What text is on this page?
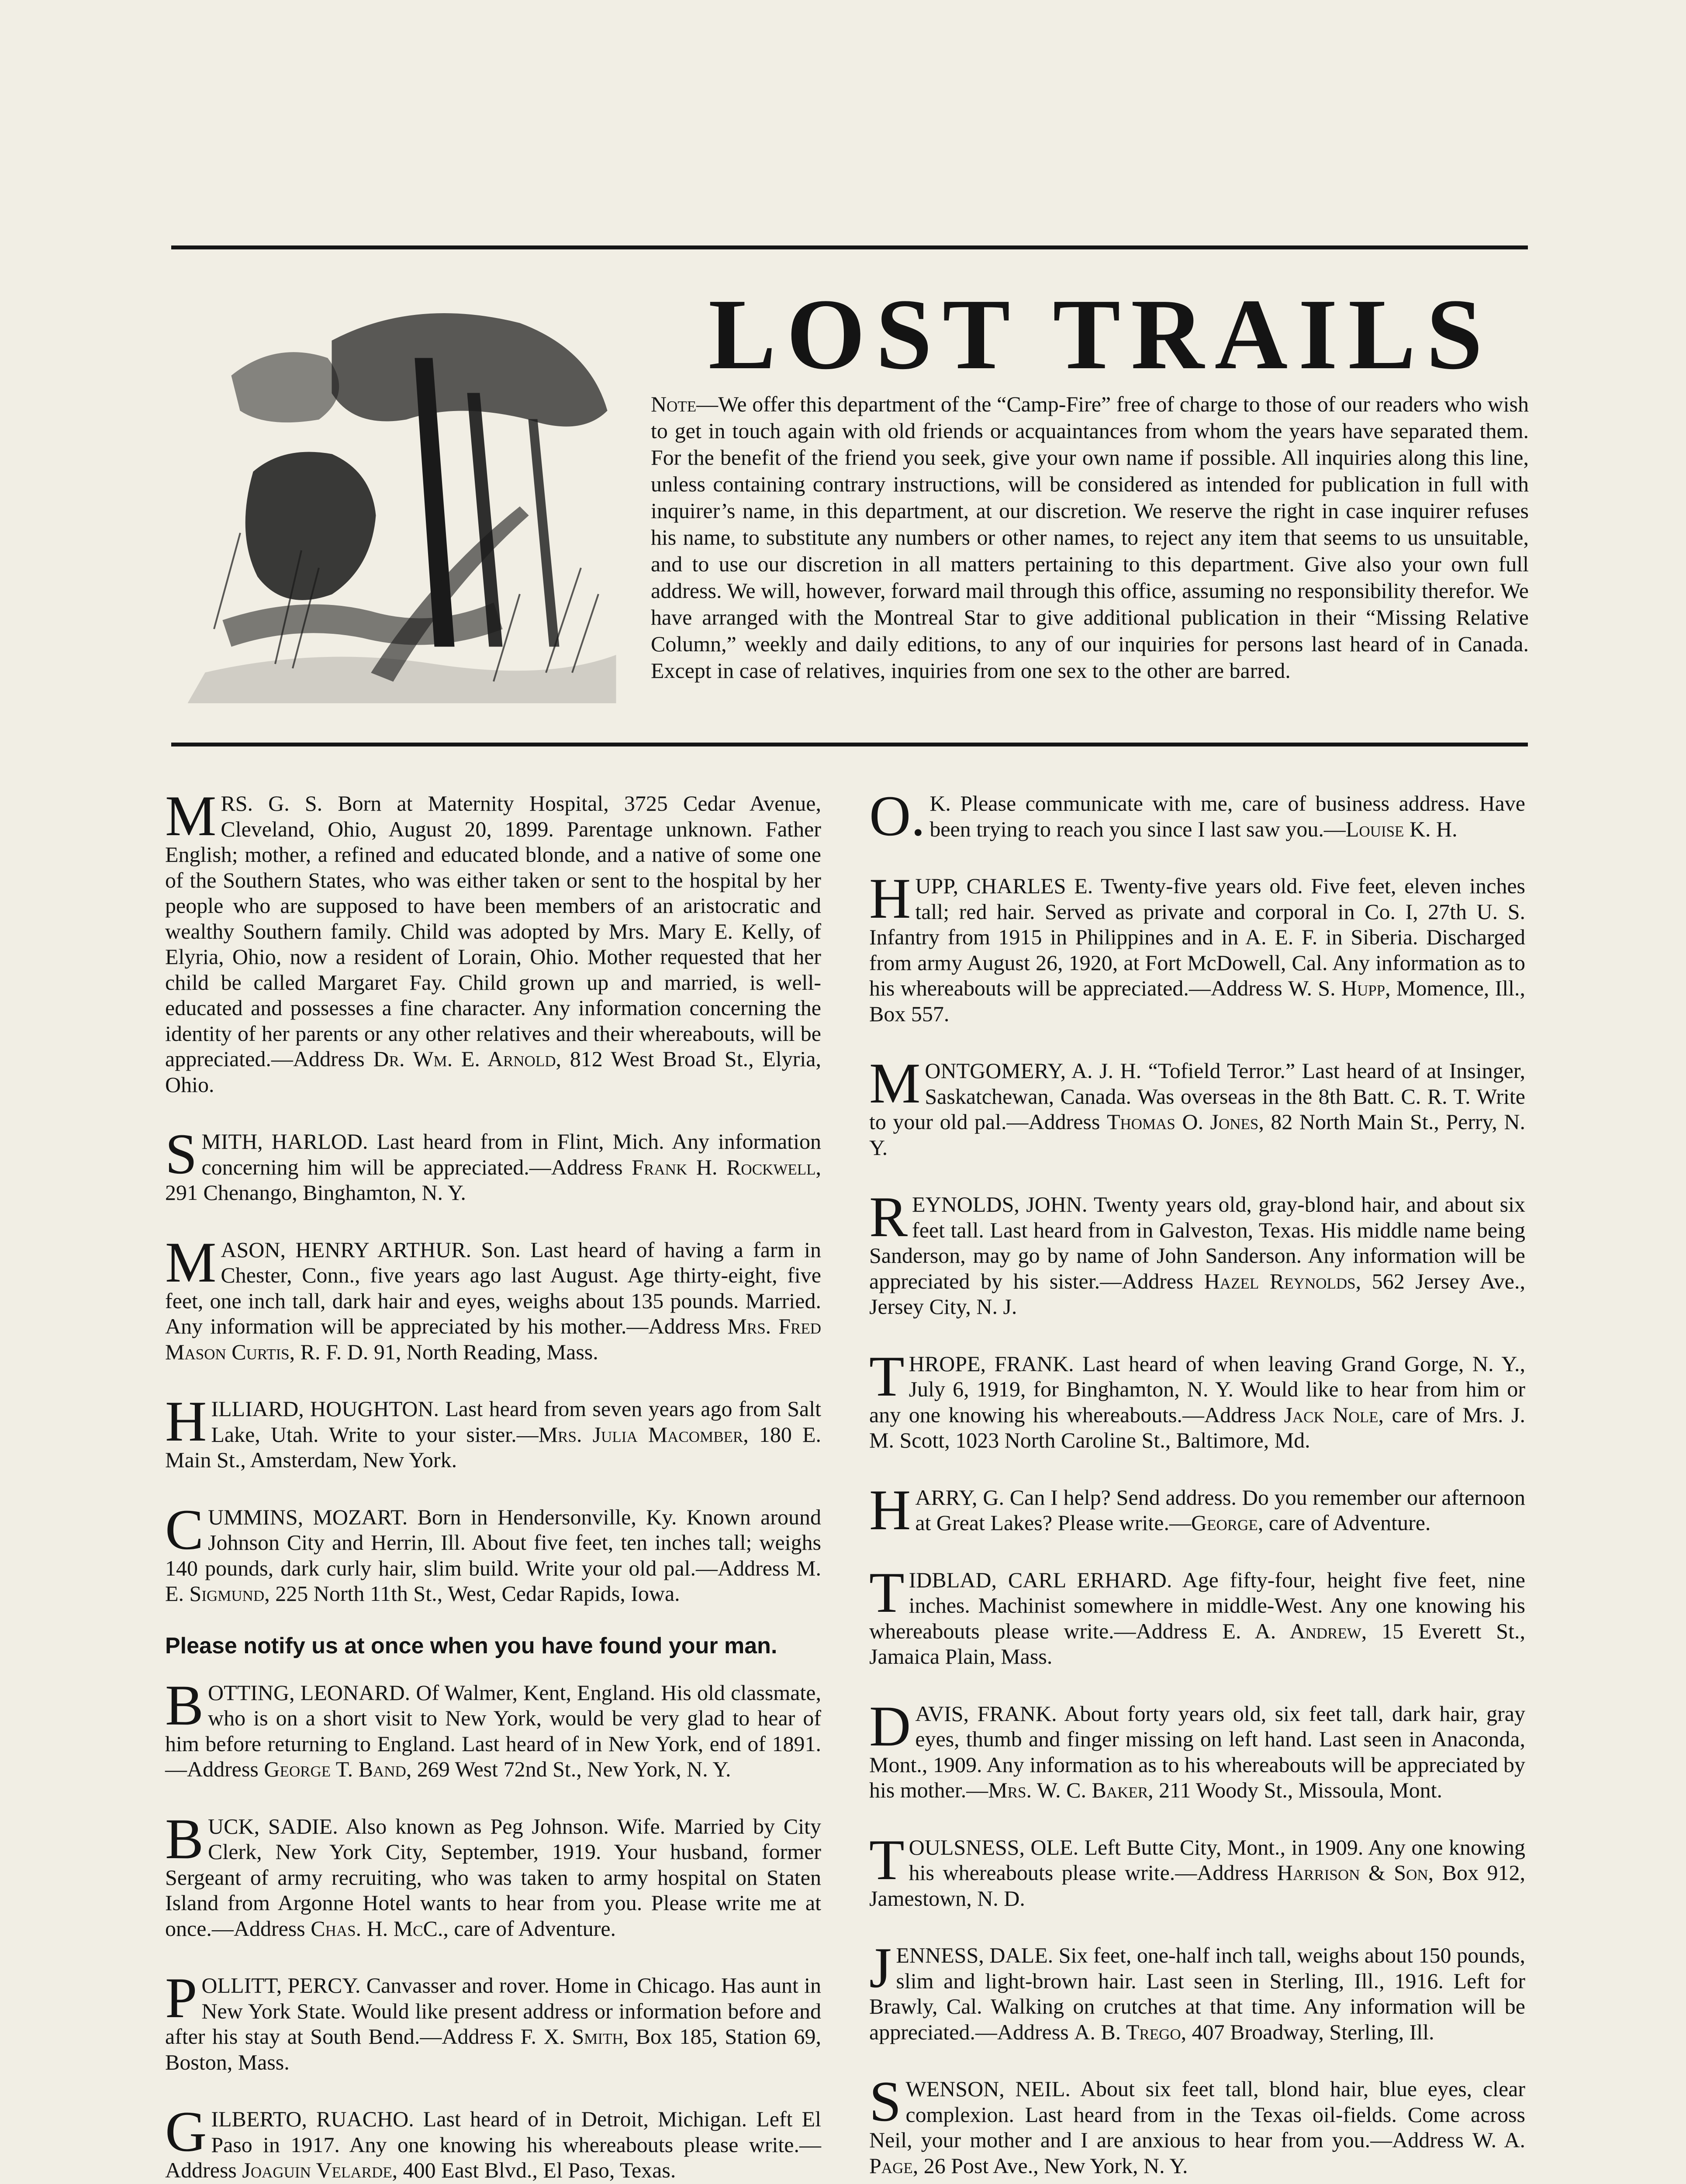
LOST TRAILS
Note—We offer this department of the “Camp-Fire” free of charge to those of our readers who wish to get in touch again with old friends or acquaintances from whom the years have separated them. For the benefit of the friend you seek, give your own name if possible. All inquiries along this line, unless containing contrary instructions, will be considered as intended for publication in full with inquirer’s name, in this department, at our discretion. We reserve the right in case inquirer refuses his name, to substitute any numbers or other names, to reject any item that seems to us unsuitable, and to use our discretion in all matters pertaining to this department. Give also your own full address. We will, however, forward mail through this office, assuming no responsibility therefor. We have arranged with the Montreal Star to give additional publication in their “Missing Relative Column,” weekly and daily editions, to any of our inquiries for persons last heard of in Canada. Except in case of relatives, inquiries from one sex to the other are barred.

MRS. G. S. Born at Maternity Hospital, 3725 Cedar Avenue, Cleveland, Ohio, August 20, 1899. Parentage unknown. Father English; mother, a refined and educated blonde, and a native of some one of the Southern States, who was either taken or sent to the hospital by her people who are supposed to have been members of an aristocratic and wealthy Southern family. Child was adopted by Mrs. Mary E. Kelly, of Elyria, Ohio, now a resident of Lorain, Ohio. Mother requested that her child be called Margaret Fay. Child grown up and married, is well-educated and possesses a fine character. Any information concerning the identity of her parents or any other relatives and their whereabouts, will be appreciated.—Address Dr. Wm. E. Arnold, 812 West Broad St., Elyria, Ohio.

SMITH, HARLOD. Last heard from in Flint, Mich. Any information concerning him will be appreciated.—Address Frank H. Rockwell, 291 Chenango, Binghamton, N. Y.

MASON, HENRY ARTHUR. Son. Last heard of having a farm in Chester, Conn., five years ago last August. Age thirty-eight, five feet, one inch tall, dark hair and eyes, weighs about 135 pounds. Married. Any information will be appreciated by his mother.—Address Mrs. Fred Mason Curtis, R. F. D. 91, North Reading, Mass.

HILLIARD, HOUGHTON. Last heard from seven years ago from Salt Lake, Utah. Write to your sister.—Mrs. Julia Macomber, 180 E. Main St., Amsterdam, New York.

CUMMINS, MOZART. Born in Hendersonville, Ky. Known around Johnson City and Herrin, Ill. About five feet, ten inches tall; weighs 140 pounds, dark curly hair, slim build. Write your old pal.—Address M. E. Sigmund, 225 North 11th St., West, Cedar Rapids, Iowa.

Please notify us at once when you have found your man.

BOTTING, LEONARD. Of Walmer, Kent, England. His old classmate, who is on a short visit to New York, would be very glad to hear of him before returning to England. Last heard of in New York, end of 1891.—Address George T. Band, 269 West 72nd St., New York, N. Y.

BUCK, SADIE. Also known as Peg Johnson. Wife. Married by City Clerk, New York City, September, 1919. Your husband, former Sergeant of army recruiting, who was taken to army hospital on Staten Island from Argonne Hotel wants to hear from you. Please write me at once.—Address Chas. H. McC., care of Adventure.

POLLITT, PERCY. Canvasser and rover. Home in Chicago. Has aunt in New York State. Would like present address or information before and after his stay at South Bend.—Address F. X. Smith, Box 185, Station 69, Boston, Mass.

GILBERTO, RUACHO. Last heard of in Detroit, Michigan. Left El Paso in 1917. Any one knowing his whereabouts please write.—Address Joaguin Velarde, 400 East Blvd., El Paso, Texas.

O.K. Please communicate with me, care of business address. Have been trying to reach you since I last saw you.—Louise K. H.

HUPP, CHARLES E. Twenty-five years old. Five feet, eleven inches tall; red hair. Served as private and corporal in Co. I, 27th U. S. Infantry from 1915 in Philippines and in A. E. F. in Siberia. Discharged from army August 26, 1920, at Fort McDowell, Cal. Any information as to his whereabouts will be appreciated.—Address W. S. Hupp, Momence, Ill., Box 557.

MONTGOMERY, A. J. H. “Tofield Terror.” Last heard of at Insinger, Saskatchewan, Canada. Was overseas in the 8th Batt. C. R. T. Write to your old pal.—Address Thomas O. Jones, 82 North Main St., Perry, N. Y.

REYNOLDS, JOHN. Twenty years old, gray-blond hair, and about six feet tall. Last heard from in Galveston, Texas. His middle name being Sanderson, may go by name of John Sanderson. Any information will be appreciated by his sister.—Address Hazel Reynolds, 562 Jersey Ave., Jersey City, N. J.

THROPE, FRANK. Last heard of when leaving Grand Gorge, N. Y., July 6, 1919, for Binghamton, N. Y. Would like to hear from him or any one knowing his whereabouts.—Address Jack Nole, care of Mrs. J. M. Scott, 1023 North Caroline St., Baltimore, Md.

HARRY, G. Can I help? Send address. Do you remember our afternoon at Great Lakes? Please write.—George, care of Adventure.

TIDBLAD, CARL ERHARD. Age fifty-four, height five feet, nine inches. Machinist somewhere in middle-West. Any one knowing his whereabouts please write.—Address E. A. Andrew, 15 Everett St., Jamaica Plain, Mass.

DAVIS, FRANK. About forty years old, six feet tall, dark hair, gray eyes, thumb and finger missing on left hand. Last seen in Anaconda, Mont., 1909. Any information as to his whereabouts will be appreciated by his mother.—Mrs. W. C. Baker, 211 Woody St., Missoula, Mont.

TOULSNESS, OLE. Left Butte City, Mont., in 1909. Any one knowing his whereabouts please write.—Address Harrison & Son, Box 912, Jamestown, N. D.

JENNESS, DALE. Six feet, one-half inch tall, weighs about 150 pounds, slim and light-brown hair. Last seen in Sterling, Ill., 1916. Left for Brawly, Cal. Walking on crutches at that time. Any information will be appreciated.—Address A. B. Trego, 407 Broadway, Sterling, Ill.

SWENSON, NEIL. About six feet tall, blond hair, blue eyes, clear complexion. Last heard from in the Texas oil-fields. Come across Neil, your mother and I are anxious to hear from you.—Address W. A. Page, 26 Post Ave., New York, N. Y.
